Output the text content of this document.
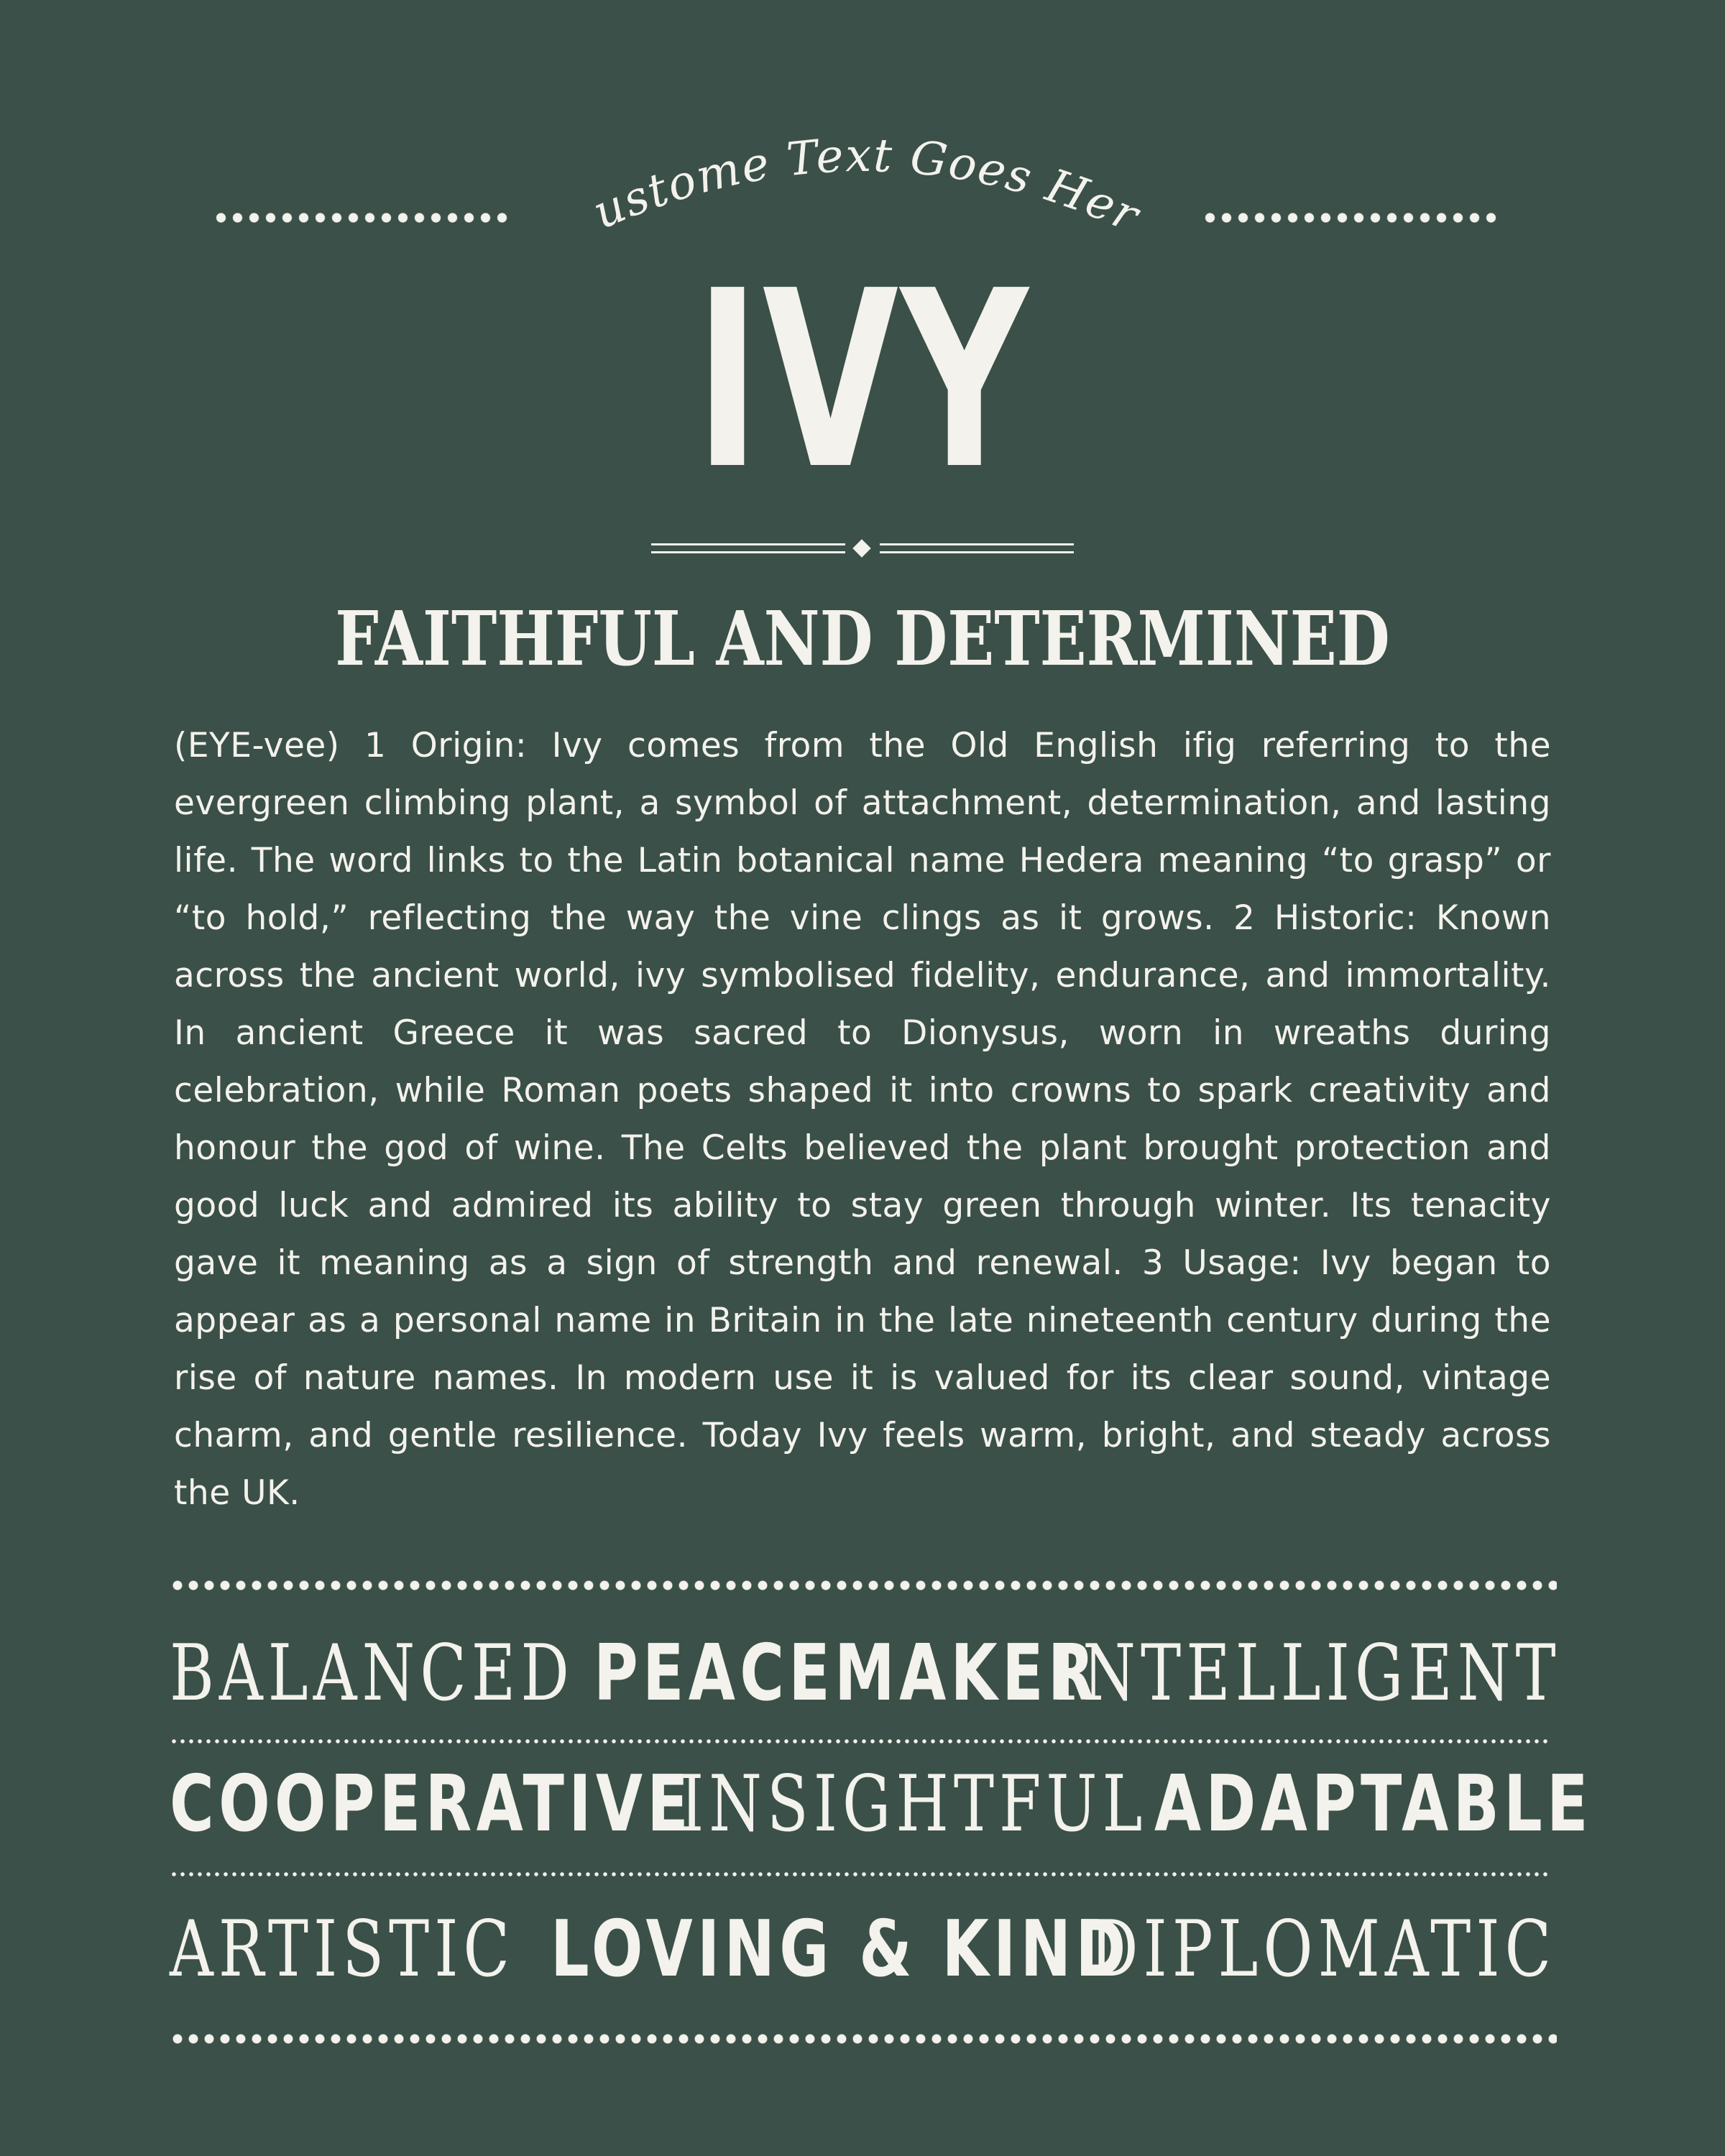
Custome Text Goes Here
IVY
FAITHFUL AND DETERMINED
(EYE-vee) 1 Origin: Ivy comes from the Old English ifig referring to the evergreen climbing plant, a symbol of attachment, determination, and lasting life. The word links to the Latin botanical name Hedera meaning “to grasp” or “to hold,” reflecting the way the vine clings as it grows. 2 Historic: Known across the ancient world, ivy symbolised fidelity, endurance, and immortality. In ancient Greece it was sacred to Dionysus, worn in wreaths during celebration, while Roman poets shaped it into crowns to spark creativity and honour the god of wine. The Celts believed the plant brought protection and good luck and admired its ability to stay green through winter. Its tenacity gave it meaning as a sign of strength and renewal. 3 Usage: Ivy began to appear as a personal name in Britain in the late nineteenth century during the rise of nature names. In modern use it is valued for its clear sound, vintage charm, and gentle resilience. Today Ivy feels warm, bright, and steady across the UK.
BALANCED PEACEMAKER
INTELLIGENT
COOPERATIVE
INSIGHTFUL ADAPTABLE
ARTISTIC LOVING & KIND
DIPLOMATIC
